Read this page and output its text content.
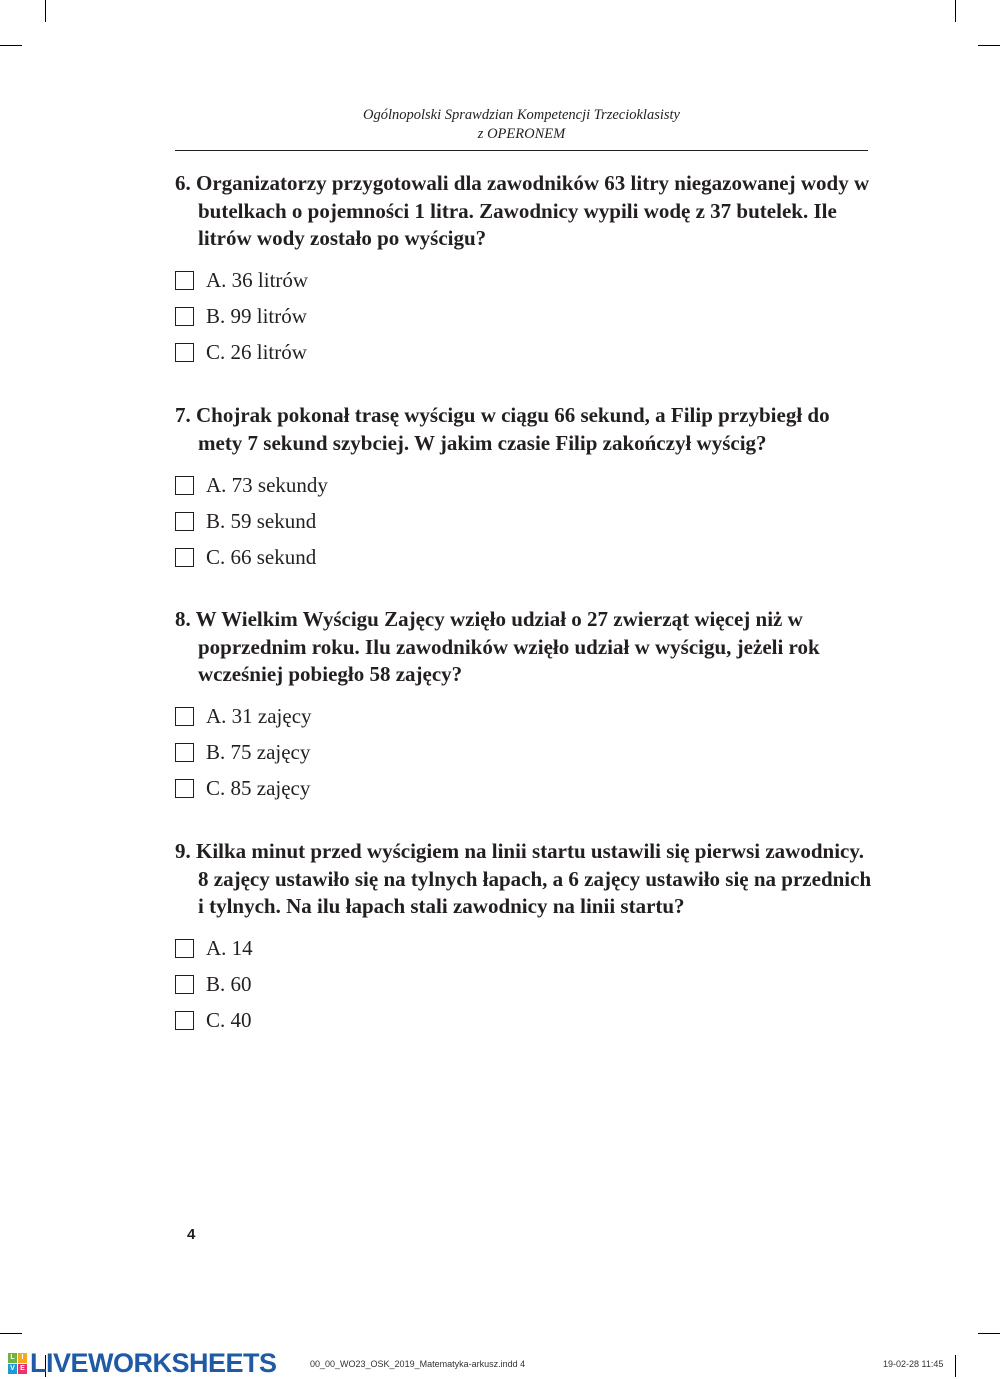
Ogólnopolski Sprawdzian Kompetencji Trzecioklasisty
z OPERONEM

6. Organizatorzy przygotowali dla zawodników 63 litry niegazowanej wody w butelkach o pojemności 1 litra. Zawodnicy wypili wodę z 37 butelek. Ile litrów wody zostało po wyścigu?

A. 36 litrów
B. 99 litrów
C. 26 litrów

7. Chojrak pokonał trasę wyścigu w ciągu 66 sekund, a Filip przybiegł do mety 7 sekund szybciej. W jakim czasie Filip zakończył wyścig?

A. 73 sekundy
B. 59 sekund
C. 66 sekund

8. W Wielkim Wyścigu Zajęcy wzięło udział o 27 zwierząt więcej niż w poprzednim roku. Ilu zawodników wzięło udział w wyścigu, jeżeli rok wcześniej pobiegło 58 zajęcy?

A. 31 zajęcy
B. 75 zajęcy
C. 85 zajęcy

9. Kilka minut przed wyścigiem na linii startu ustawili się pierwsi zawodnicy. 8 zajęcy ustawiło się na tylnych łapach, a 6 zajęcy ustawiło się na przednich i tylnych. Na ilu łapach stali zawodnicy na linii startu?

A. 14
B. 60
C. 40
4
00_00_WO23_OSK_2019_Matematyka-arkusz.indd 4	19-02-28 11:45
L I
V E LIVEWORKSHEETS
